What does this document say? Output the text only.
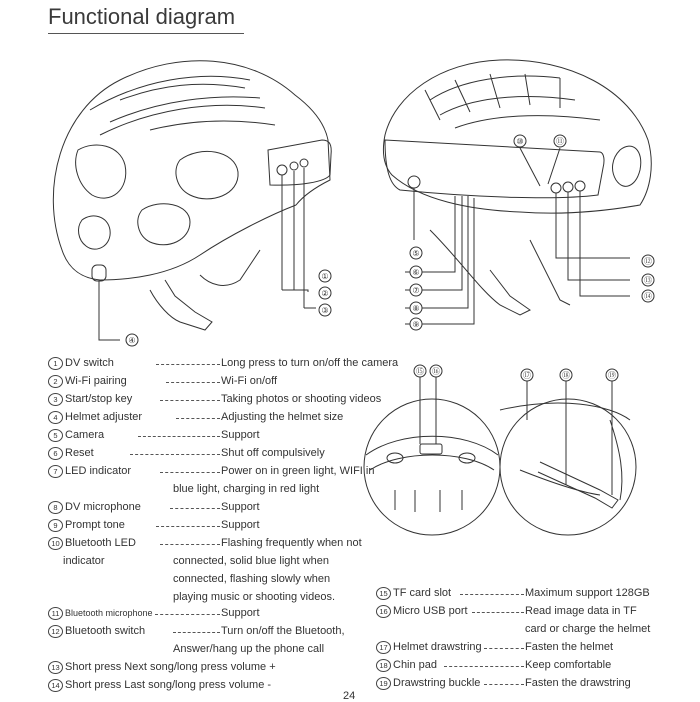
Functional diagram
①
②
③
④
⑤
⑥
⑦
⑧
⑨
⑩	⑪
⑫
⑬
⑭
⑮ ⑯	⑰	⑱	⑲
1 DV switch	Long press to turn on/off the camera
2 Wi-Fi pairing	Wi-Fi on/off
3 Start/stop key	Taking photos or shooting videos
4 Helmet adjuster	Adjusting the helmet size
5 Camera	Support
6 Reset	Shut off compulsively
7 LED indicator	Power on in green light, WIFI in
blue light, charging in red light
8 DV microphone	Support
9 Prompt tone	Support
10 Bluetooth LED	Flashing frequently when not
indicator	connected, solid blue light when
connected, flashing slowly when
playing music or shooting videos.
11 Bluetooth microphone	Support
12 Bluetooth switch	Turn on/off the Bluetooth,
Answer/hang up the phone call
13 Short press Next song/long press volume +
14 Short press Last song/long press volume -
15 TF card slot	Maximum support 128GB
16 Micro USB port	Read image data in TF
card or charge the helmet
17 Helmet drawstring	Fasten the helmet
18 Chin pad	Keep comfortable
19 Drawstring buckle	Fasten the drawstring
24
